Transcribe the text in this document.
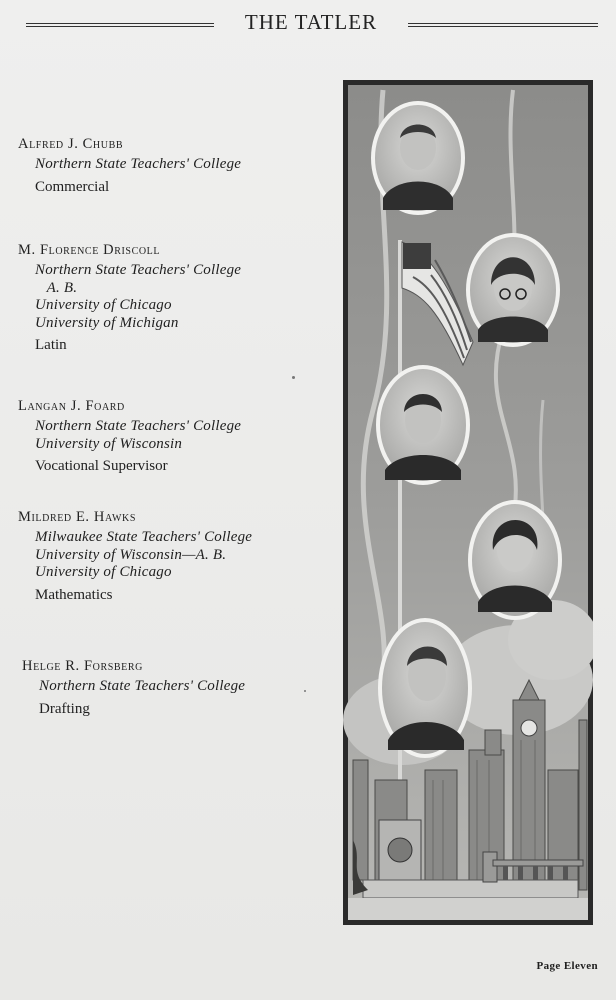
THE TATLER
Alfred J. Chubb
Northern State Teachers' College
Commercial
M. Florence Driscoll
Northern State Teachers' College
A. B.
University of Chicago
University of Michigan
Latin
Langan J. Foard
Northern State Teachers' College
University of Wisconsin
Vocational Supervisor
Mildred E. Hawks
Milwaukee State Teachers' College
University of Wisconsin—A. B.
University of Chicago
Mathematics
Helge R. Forsberg
Northern State Teachers' College
Drafting
Page Eleven
